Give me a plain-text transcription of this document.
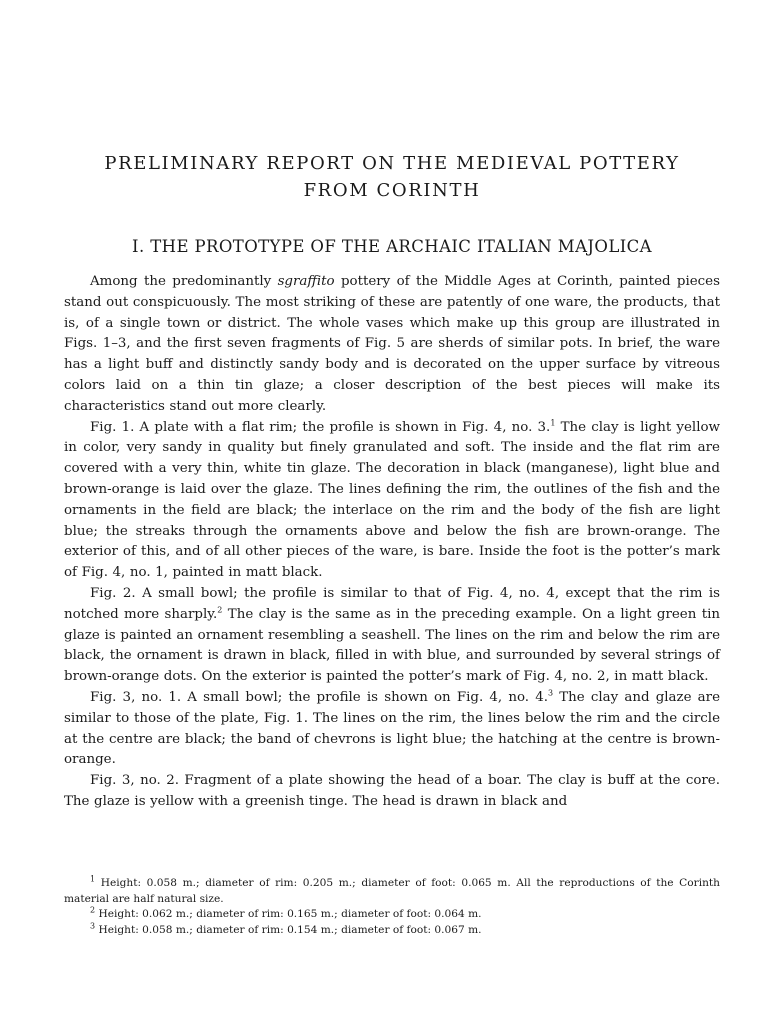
PRELIMINARY REPORT ON THE MEDIEVAL POTTERY
FROM CORINTH
I. THE PROTOTYPE OF THE ARCHAIC ITALIAN MAJOLICA

Among the predominantly sgraffito pottery of the Middle Ages at Corinth, painted pieces stand out conspicuously. The most striking of these are patently of one ware, the products, that is, of a single town or district. The whole vases which make up this group are illustrated in Figs. 1–3, and the first seven fragments of Fig. 5 are sherds of similar pots. In brief, the ware has a light buff and distinctly sandy body and is decorated on the upper surface by vitreous colors laid on a thin tin glaze; a closer description of the best pieces will make its characteristics stand out more clearly.

Fig. 1. A plate with a flat rim; the profile is shown in Fig. 4, no. 3.$^1$ The clay is light yellow in color, very sandy in quality but finely granulated and soft. The inside and the flat rim are covered with a very thin, white tin glaze. The decoration in black (manganese), light blue and brown-orange is laid over the glaze. The lines defining the rim, the outlines of the fish and the ornaments in the field are black; the interlace on the rim and the body of the fish are light blue; the streaks through the ornaments above and below the fish are brown-orange. The exterior of this, and of all other pieces of the ware, is bare. Inside the foot is the potter’s mark of Fig. 4, no. 1, painted in matt black.

Fig. 2. A small bowl; the profile is similar to that of Fig. 4, no. 4, except that the rim is notched more sharply.$^2$ The clay is the same as in the preceding example. On a light green tin glaze is painted an ornament resembling a seashell. The lines on the rim and below the rim are black, the ornament is drawn in black, filled in with blue, and surrounded by several strings of brown-orange dots. On the exterior is painted the potter’s mark of Fig. 4, no. 2, in matt black.

Fig. 3, no. 1. A small bowl; the profile is shown on Fig. 4, no. 4.$^3$ The clay and glaze are similar to those of the plate, Fig. 1. The lines on the rim, the lines below the rim and the circle at the centre are black; the band of chevrons is light blue; the hatching at the centre is brown-orange.

Fig. 3, no. 2. Fragment of a plate showing the head of a boar. The clay is buff at the core. The glaze is yellow with a greenish tinge. The head is drawn in black and

$^1$ Height: 0.058 m.; diameter of rim: 0.205 m.; diameter of foot: 0.065 m. All the reproductions of the Corinth material are half natural size.

$^2$ Height: 0.062 m.; diameter of rim: 0.165 m.; diameter of foot: 0.064 m.

$^3$ Height: 0.058 m.; diameter of rim: 0.154 m.; diameter of foot: 0.067 m.
